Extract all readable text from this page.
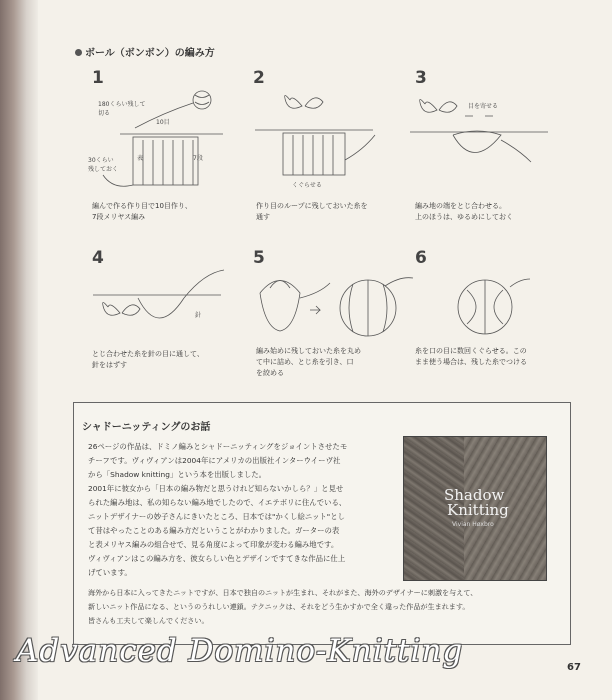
ボール（ボンボン）の編み方
1
180くらい残して
切る
10目
30くらい
残しておく
表	7段
編んで作る作り目で10目作り、
7段メリヤス編み
2
くぐらせる
作り目のループに残しておいた糸を
通す
3
目を寄せる
編み地の端をとじ合わせる。
上のほうは、ゆるめにしておく
4
針
とじ合わせた糸を針の目に通して、
針をはずす
5
編み始めに残しておいた糸を丸め
て中に詰め、とじ糸を引き、口
を絞める
6
糸を口の目に数回くぐらせる。この
まま使う場合は、残した糸でつける
シャドーニッティングのお話
26ページの作品は、ドミノ編みとシャドーニッティングをジョイントさせたモ
チーフです。ヴィヴィアンは2004年にアメリカの出版社インターウイーヴ社
から「Shadow knitting」という本を出版しました。
2001年に彼女から「日本の編み物だと思うけれど知らないかしら？」と見せ
られた編み地は、私の知らない編み地でしたので、イエテボリに住んでいる、
ニットデザイナーの妙子さんにきいたところ、日本では"かくし絵ニット"とし
て昔はやったことのある編み方だということがわかりました。ガーターの表
と表メリヤス編みの組合せで、見る角度によって印象が変わる編み地です。
ヴィヴィアンはこの編み方を、彼女らしい色とデザインですてきな作品に仕上
げています。
海外から日本に入ってきたニットですが、日本で独自のニットが生まれ、それがまた、海外のデザイナーに刺激を与えて、
新しいニット作品になる、というのうれしい連鎖。テクニックは、それをどう生かすかで全く違った作品が生まれます。
皆さんも工夫して楽しんでください。
Shadow
Knitting
Vivian Høxbro
Advanced Domino-Knitting	67
